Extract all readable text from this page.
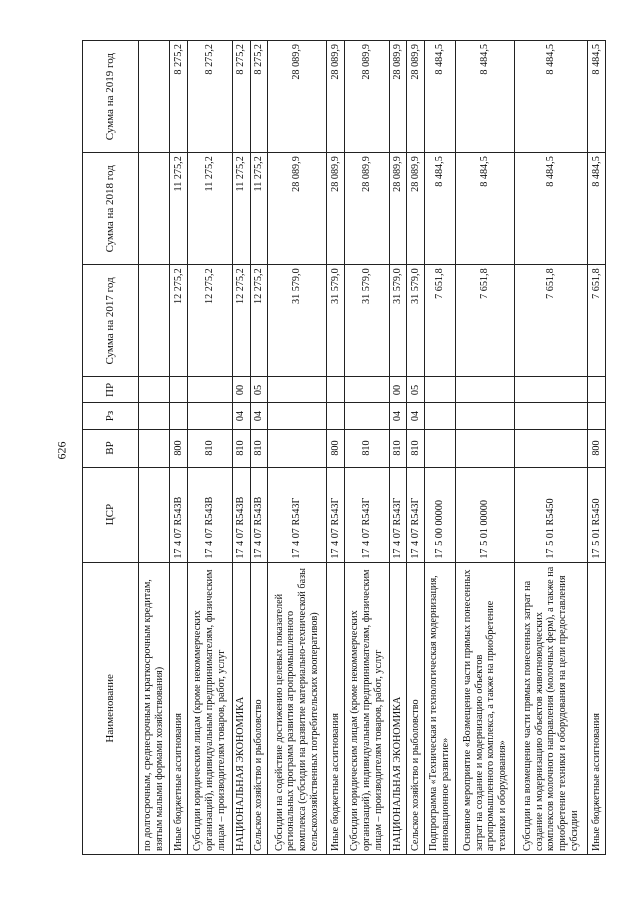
626
Наименование	ЦСР	ВР	Рз	ПР	Сумма на 2017 год	Сумма на 2018 год	Сумма на 2019 год
по долгосрочным, среднесрочным и краткосрочным кредитам, взятым малыми формами хозяйствования)							
Иные бюджетные ассигнования	17 4 07 R543В	800			12 275,2	11 275,2	8 275,2
Субсидии юридическим лицам (кроме некоммерческих организаций), индивидуальным предпринимателям, физическим лицам – производителям товаров, работ, услуг	17 4 07 R543В	810			12 275,2	11 275,2	8 275,2
НАЦИОНАЛЬНАЯ ЭКОНОМИКА	17 4 07 R543В	810	04	00	12 275,2	11 275,2	8 275,2
Сельское хозяйство и рыболовство	17 4 07 R543В	810	04	05	12 275,2	11 275,2	8 275,2
Субсидии на содействие достижению целевых показателей региональных программ развития агропромышленного комплекса (субсидии на развитие материально-технической базы сельскохозяйственных потребительских кооперативов)	17 4 07 R543Г				31 579,0	28 089,9	28 089,9
Иные бюджетные ассигнования	17 4 07 R543Г	800			31 579,0	28 089,9	28 089,9
Субсидии юридическим лицам (кроме некоммерческих организаций), индивидуальным предпринимателям, физическим лицам – производителям товаров, работ, услуг	17 4 07 R543Г	810			31 579,0	28 089,9	28 089,9
НАЦИОНАЛЬНАЯ ЭКОНОМИКА	17 4 07 R543Г	810	04	00	31 579,0	28 089,9	28 089,9
Сельское хозяйство и рыболовство	17 4 07 R543Г	810	04	05	31 579,0	28 089,9	28 089,9
Подпрограмма «Техническая и технологическая модернизация, инновационное развитие»	17 5 00 00000				7 651,8	8 484,5	8 484,5
Основное мероприятие «Возмещение части прямых понесенных затрат на создание и модернизацию объектов агропромышленного комплекса, а также на приобретение техники и оборудования»	17 5 01 00000				7 651,8	8 484,5	8 484,5
Субсидии на возмещение части прямых понесенных затрат на создание и модернизацию объектов животноводческих комплексов молочного направления (молочных ферм), а также на приобретение техники и оборудования на цели предоставления субсидии	17 5 01 R5450				7 651,8	8 484,5	8 484,5
Иные бюджетные ассигнования	17 5 01 R5450	800			7 651,8	8 484,5	8 484,5
